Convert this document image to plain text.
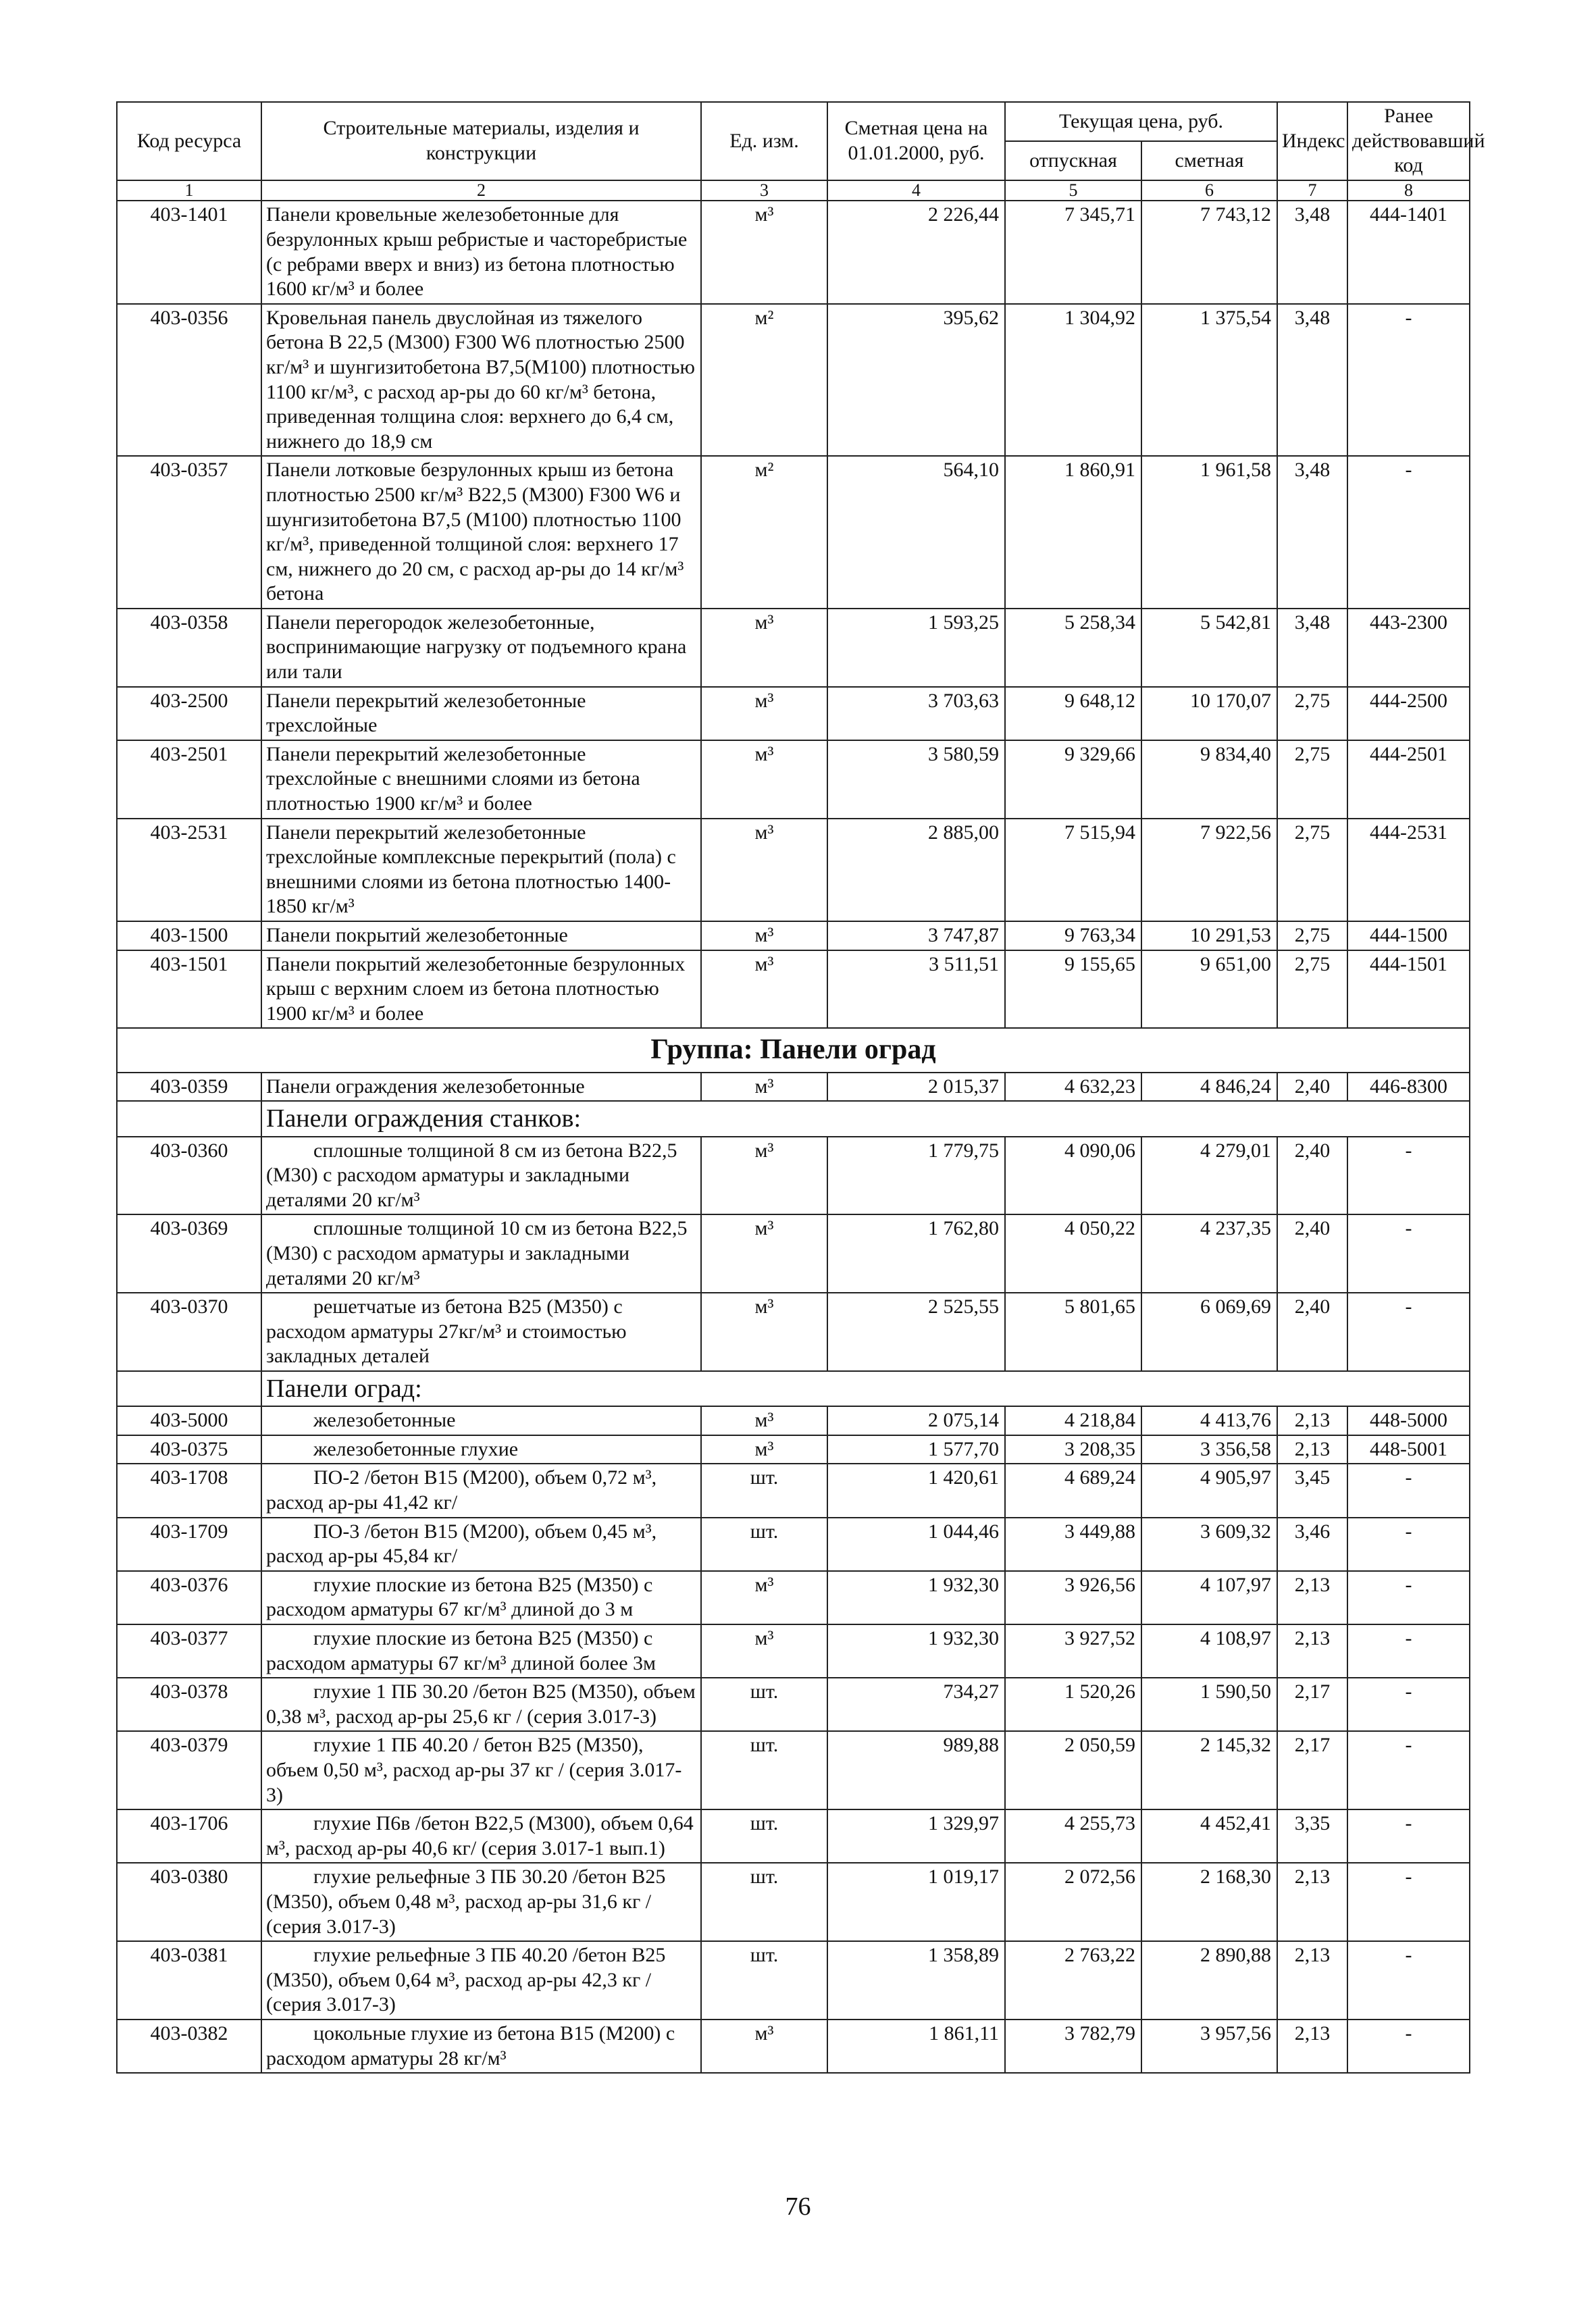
Код ресурса	Строительные материалы, изделия и конструкции	Ед. изм.	Сметная цена на 01.01.2000, руб.	Текущая цена, руб.		Индекс	Ранее действовавший код
				отпускная	сметная		
1	2	3	4	5	6	7	8
403-1401	Панели кровельные железобетонные для безрулонных крыш ребристые и часторебристые (с ребрами вверх и вниз) из бетона плотностью 1600 кг/м³ и более	м³	2 226,44	7 345,71	7 743,12	3,48	444-1401
403-0356	Кровельная панель двуслойная из тяжелого бетона В 22,5 (М300) F300 W6 плотностью 2500 кг/м³ и шунгизитобетона В7,5(М100) плотностью 1100 кг/м³, с расход ар-ры до 60 кг/м³ бетона, приведенная толщина слоя: верхнего до 6,4 см, нижнего до 18,9 см	м²	395,62	1 304,92	1 375,54	3,48	-
403-0357	Панели лотковые безрулонных крыш из бетона плотностью 2500 кг/м³ В22,5 (М300) F300 W6 и шунгизитобетона В7,5 (М100) плотностью 1100 кг/м³, приведенной толщиной слоя: верхнего 17 см, нижнего до 20 см, с расход ар-ры до 14 кг/м³ бетона	м²	564,10	1 860,91	1 961,58	3,48	-
403-0358	Панели перегородок железобетонные, воспринимающие нагрузку от подъемного крана или тали	м³	1 593,25	5 258,34	5 542,81	3,48	443-2300
403-2500	Панели перекрытий железобетонные трехслойные	м³	3 703,63	9 648,12	10 170,07	2,75	444-2500
403-2501	Панели перекрытий железобетонные трехслойные с внешними слоями из бетона плотностью 1900 кг/м³ и более	м³	3 580,59	9 329,66	9 834,40	2,75	444-2501
403-2531	Панели перекрытий железобетонные трехслойные комплексные перекрытий (пола) с внешними слоями из бетона плотностью 1400-1850 кг/м³	м³	2 885,00	7 515,94	7 922,56	2,75	444-2531
403-1500	Панели покрытий железобетонные	м³	3 747,87	9 763,34	10 291,53	2,75	444-1500
403-1501	Панели покрытий железобетонные безрулонных крыш с верхним слоем из бетона плотностью 1900 кг/м³ и более	м³	3 511,51	9 155,65	9 651,00	2,75	444-1501
Группа: Панели оград							
403-0359	Панели ограждения железобетонные	м³	2 015,37	4 632,23	4 846,24	2,40	446-8300
	Панели ограждения станков:						
403-0360	сплошные толщиной 8 см из бетона В22,5 (М30) с расходом арматуры и закладными деталями 20 кг/м³	м³	1 779,75	4 090,06	4 279,01	2,40	-
403-0369	сплошные толщиной 10 см из бетона В22,5 (М30) с расходом арматуры и закладными деталями 20 кг/м³	м³	1 762,80	4 050,22	4 237,35	2,40	-
403-0370	решетчатые из бетона В25 (М350) с расходом арматуры 27кг/м³ и стоимостью закладных деталей	м³	2 525,55	5 801,65	6 069,69	2,40	-
	Панели оград:						
403-5000	железобетонные	м³	2 075,14	4 218,84	4 413,76	2,13	448-5000
403-0375	железобетонные глухие	м³	1 577,70	3 208,35	3 356,58	2,13	448-5001
403-1708	ПО-2 /бетон В15 (М200), объем 0,72 м³, расход ар-ры 41,42 кг/	шт.	1 420,61	4 689,24	4 905,97	3,45	-
403-1709	ПО-3 /бетон В15 (М200), объем 0,45 м³, расход ар-ры 45,84 кг/	шт.	1 044,46	3 449,88	3 609,32	3,46	-
403-0376	глухие плоские из бетона В25 (М350) с расходом арматуры 67 кг/м³ длиной до 3 м	м³	1 932,30	3 926,56	4 107,97	2,13	-
403-0377	глухие плоские из бетона В25 (М350) с расходом арматуры 67 кг/м³ длиной более 3м	м³	1 932,30	3 927,52	4 108,97	2,13	-
403-0378	глухие 1 ПБ 30.20 /бетон В25 (М350), объем 0,38 м³, расход ар-ры 25,6 кг / (серия 3.017-3)	шт.	734,27	1 520,26	1 590,50	2,17	-
403-0379	глухие 1 ПБ 40.20 / бетон В25 (М350), объем 0,50 м³, расход ар-ры 37 кг / (серия 3.017-3)	шт.	989,88	2 050,59	2 145,32	2,17	-
403-1706	глухие П6в /бетон В22,5 (М300), объем 0,64 м³, расход ар-ры 40,6 кг/ (серия 3.017-1 вып.1)	шт.	1 329,97	4 255,73	4 452,41	3,35	-
403-0380	глухие рельефные 3 ПБ 30.20 /бетон В25 (М350), объем 0,48 м³, расход ар-ры 31,6 кг / (серия 3.017-3)	шт.	1 019,17	2 072,56	2 168,30	2,13	-
403-0381	глухие рельефные 3 ПБ 40.20 /бетон В25 (М350), объем 0,64 м³, расход ар-ры 42,3 кг / (серия 3.017-3)	шт.	1 358,89	2 763,22	2 890,88	2,13	-
403-0382	цокольные глухие из бетона В15 (М200) с расходом арматуры 28 кг/м³	м³	1 861,11	3 782,79	3 957,56	2,13	-
76
